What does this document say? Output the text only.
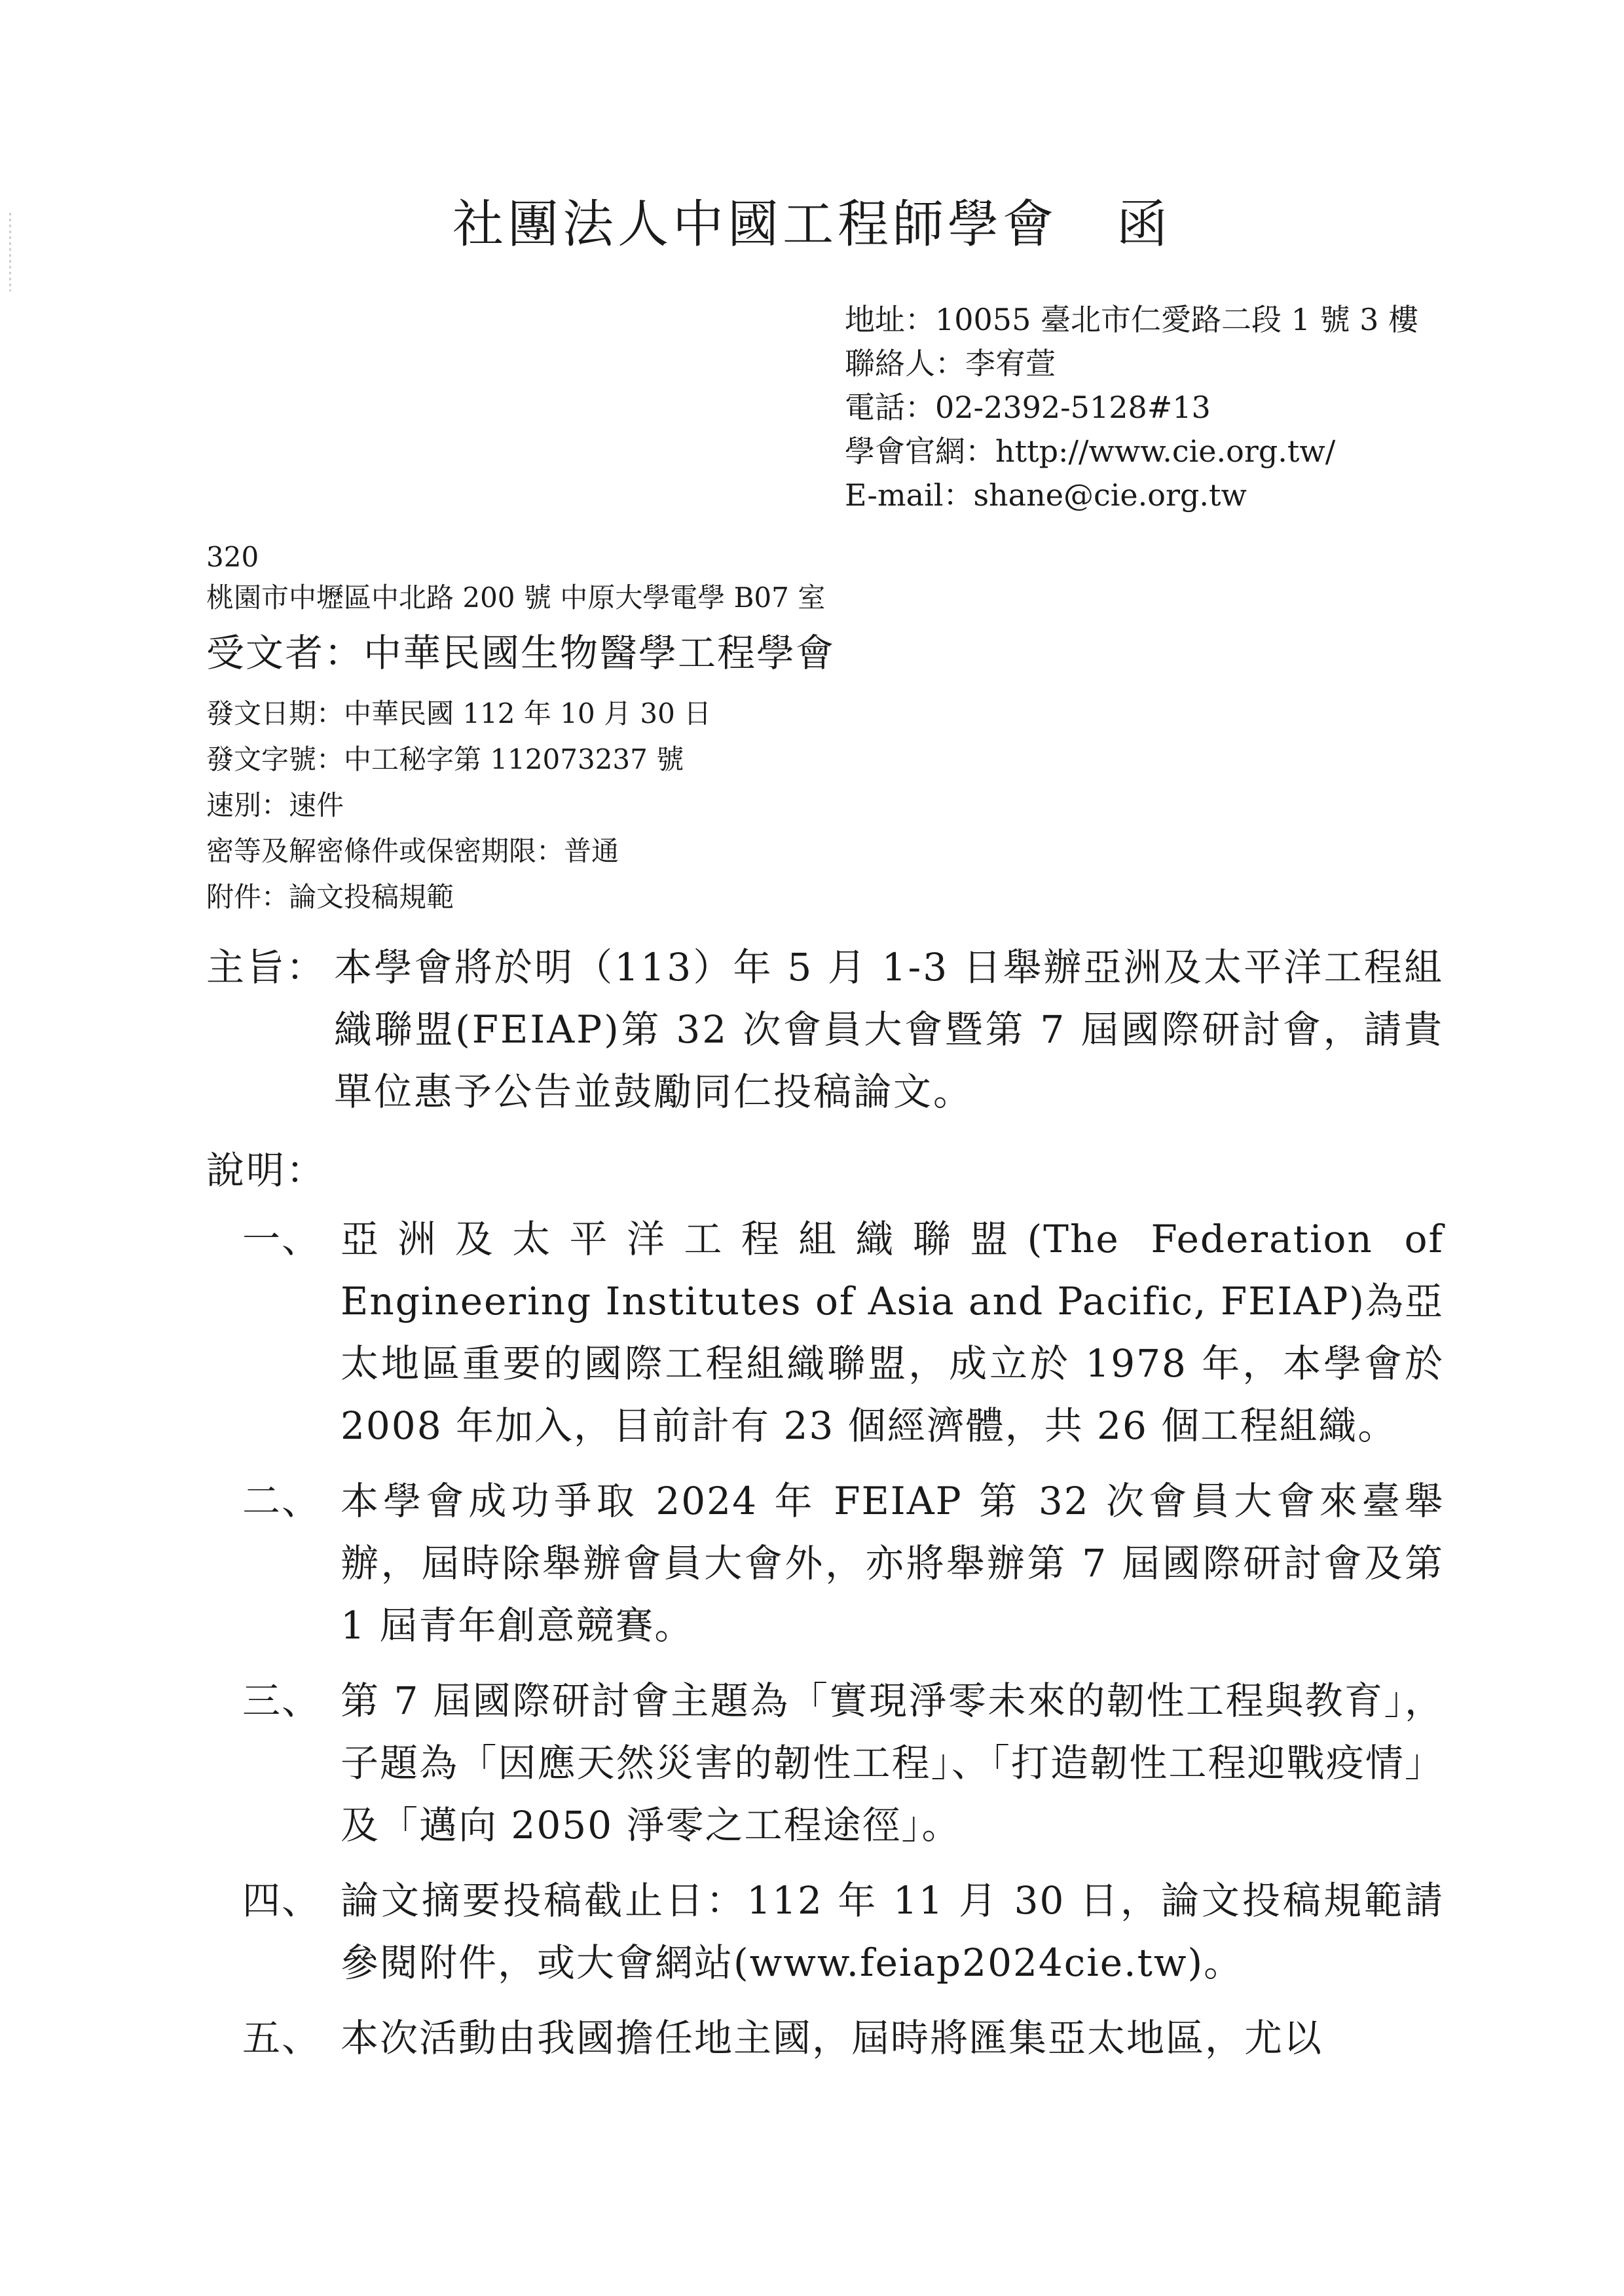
社團法人中國工程師學會 函
地址：10055 臺北市仁愛路二段 1 號 3 樓
聯絡人：李宥萱
電話：02-2392-5128#13
學會官網：http://www.cie.org.tw/
E-mail：shane@cie.org.tw
320
桃園市中壢區中北路 200 號 中原大學電學 B07 室
受文者：中華民國生物醫學工程學會
發文日期：中華民國 112 年 10 月 30 日
發文字號：中工秘字第 112073237 號
速別：速件
密等及解密條件或保密期限：普通
附件：論文投稿規範
主旨： 本學會將於明（113）年 5 月 1-3 日舉辦亞洲及太平洋工程組織聯盟(FEIAP)第 32 次會員大會暨第 7 屆國際研討會，請貴單位惠予公告並鼓勵同仁投稿論文。
說明：
一、 亞洲及太平洋工程組織聯盟(The Federation of Engineering Institutes of Asia and Pacific, FEIAP)為亞太地區重要的國際工程組織聯盟，成立於 1978 年，本學會於 2008 年加入，目前計有 23 個經濟體，共 26 個工程組織。
二、 本學會成功爭取 2024 年 FEIAP 第 32 次會員大會來臺舉辦，屆時除舉辦會員大會外，亦將舉辦第 7 屆國際研討會及第 1 屆青年創意競賽。
三、 第 7 屆國際研討會主題為「實現淨零未來的韌性工程與教育」，子題為「因應天然災害的韌性工程」、「打造韌性工程迎戰疫情」及「邁向 2050 淨零之工程途徑」。
四、 論文摘要投稿截止日：112 年 11 月 30 日，論文投稿規範請參閱附件，或大會網站(www.feiap2024cie.tw)。
五、 本次活動由我國擔任地主國，屆時將匯集亞太地區，尤以
